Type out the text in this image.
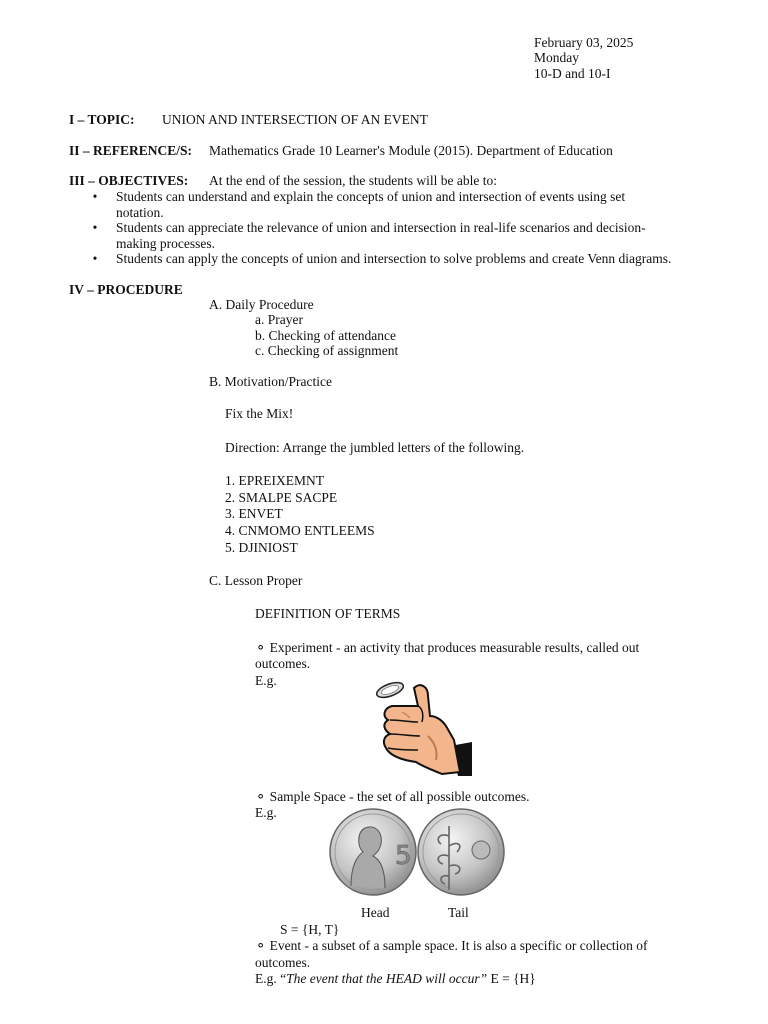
February 03, 2025
Monday
10-D and 10-I
I – TOPIC: UNION AND INTERSECTION OF AN EVENT
II – REFERENCE/S: Mathematics Grade 10 Learner's Module (2015). Department of Education
III – OBJECTIVES: At the end of the session, the students will be able to:
• Students can understand and explain the concepts of union and intersection of events using set notation.
• Students can appreciate the relevance of union and intersection in real-life scenarios and decision-making processes.
• Students can apply the concepts of union and intersection to solve problems and create Venn diagrams.
IV – PROCEDURE
A. Daily Procedure
a. Prayer
b. Checking of attendance
c. Checking of assignment
B. Motivation/Practice
Fix the Mix!
Direction: Arrange the jumbled letters of the following.
1. EPREIXEMNT
2. SMALPE SACPE
3. ENVET
4. CNMOMO ENTLEEMS
5. DJINIOST
C. Lesson Proper
DEFINITION OF TERMS
⚬ Experiment - an activity that produces measurable results, called out
outcomes.
E.g.
⚬ Sample Space - the set of all possible outcomes.
E.g.
5
Head	Tail
S = {H, T}
⚬ Event - a subset of a sample space. It is also a specific or collection of
outcomes.
E.g. “The event that the HEAD will occur” E = {H}
